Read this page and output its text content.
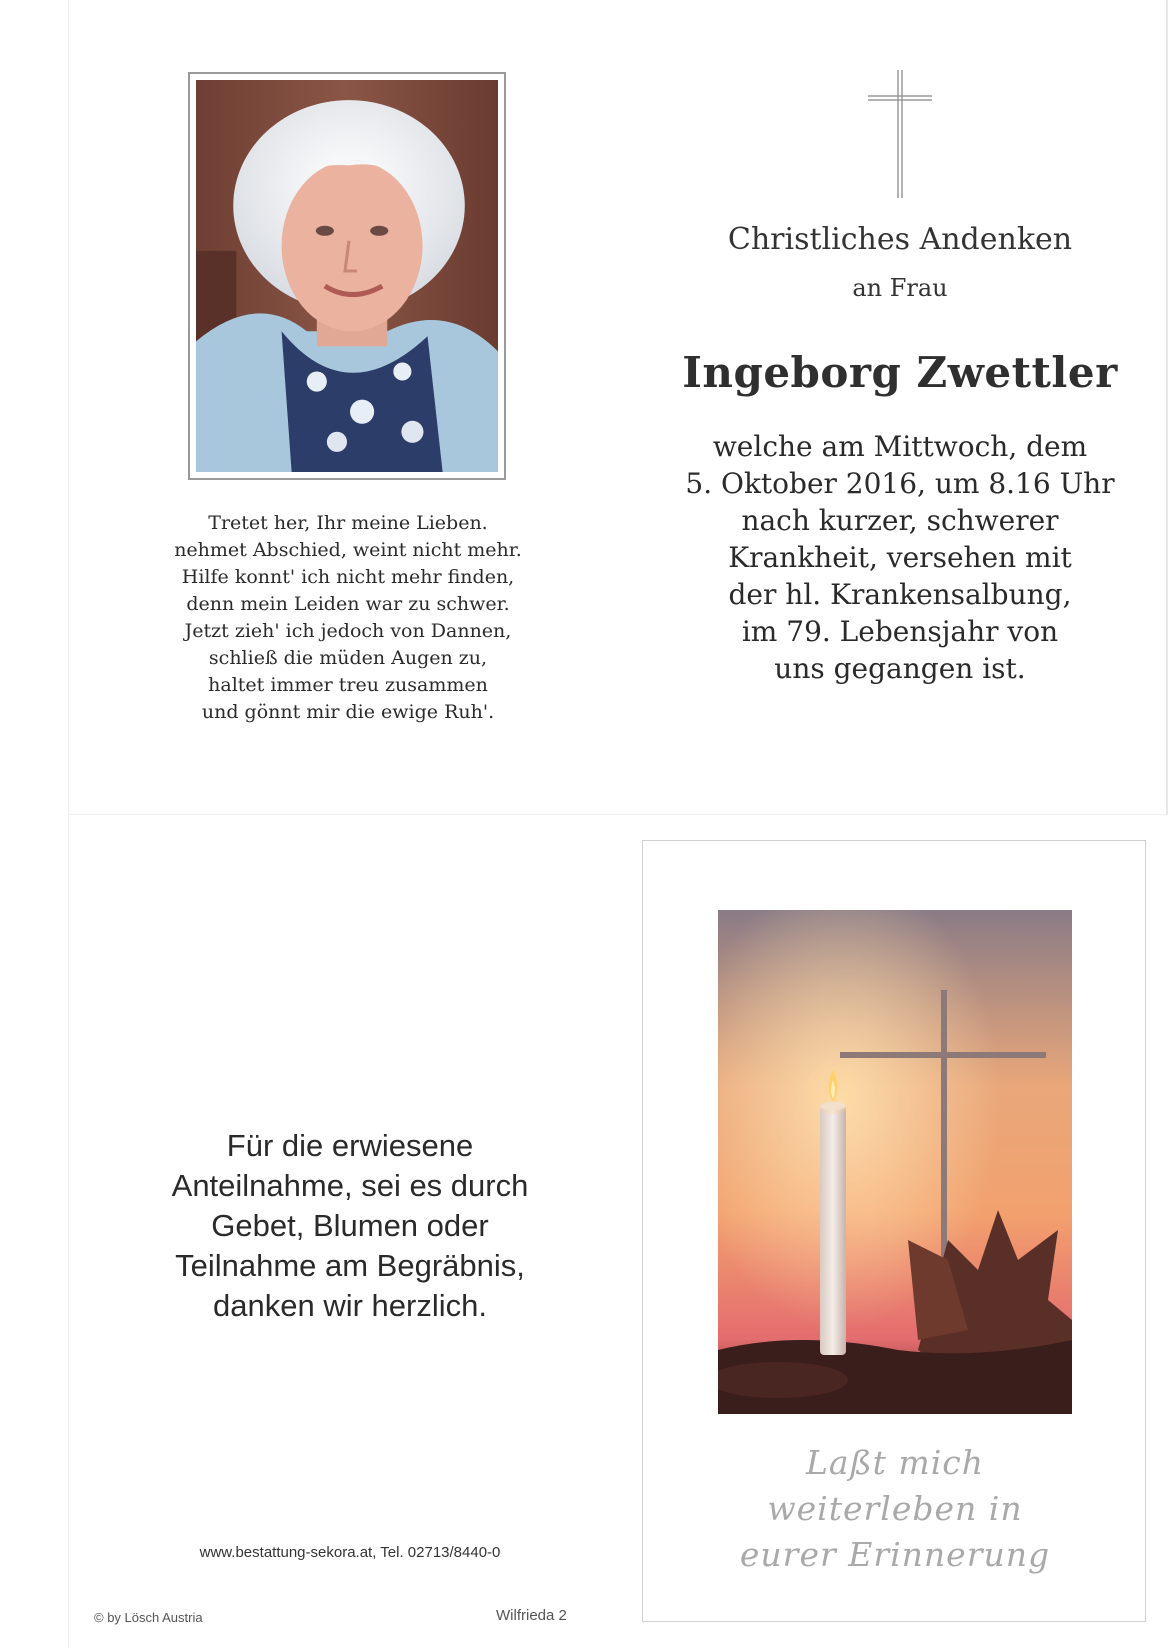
Tretet her, Ihr meine Lieben.
nehmet Abschied, weint nicht mehr.
Hilfe konnt' ich nicht mehr finden,
denn mein Leiden war zu schwer.
Jetzt zieh' ich jedoch von Dannen,
schließ die müden Augen zu,
haltet immer treu zusammen
und gönnt mir die ewige Ruh'.
Christliches Andenken
an Frau
Ingeborg Zwettler
welche am Mittwoch, dem
5. Oktober 2016, um 8.16 Uhr
nach kurzer, schwerer
Krankheit, versehen mit
der hl. Krankensalbung,
im 79. Lebensjahr von
uns gegangen ist.
Für die erwiesene
Anteilnahme, sei es durch
Gebet, Blumen oder
Teilnahme am Begräbnis,
danken wir herzlich.
www.bestattung-sekora.at, Tel. 02713/8440-0
© by Lösch Austria	Wilfrieda 2
Laßt mich
weiterleben in
eurer Erinnerung
